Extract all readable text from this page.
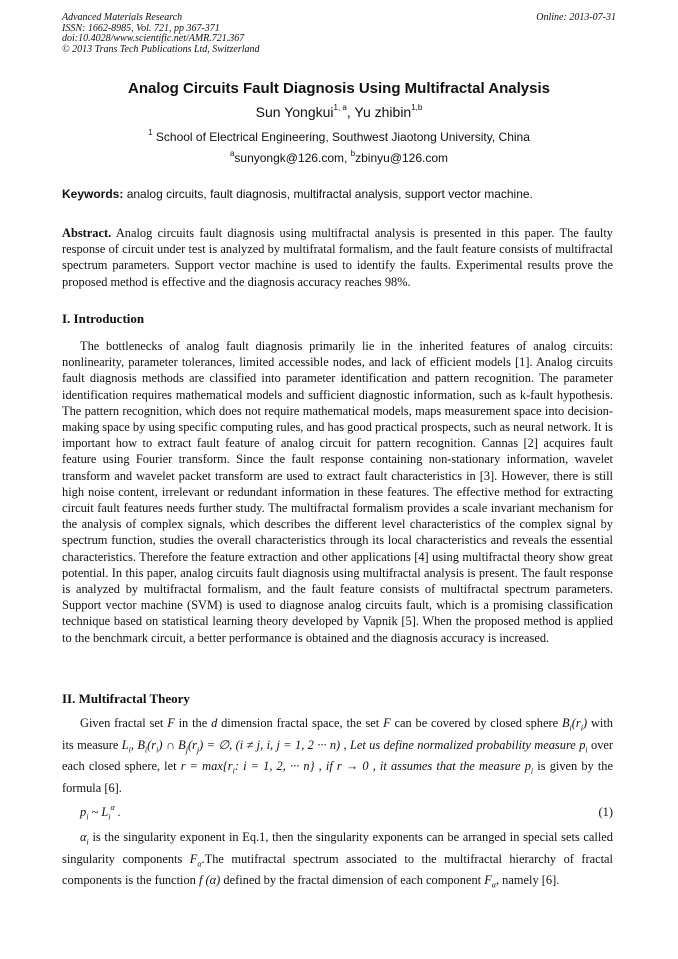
Advanced Materials Research
ISSN: 1662-8985, Vol. 721, pp 367-371
doi:10.4028/www.scientific.net/AMR.721.367
© 2013 Trans Tech Publications Ltd, Switzerland
Online: 2013-07-31
Analog Circuits Fault Diagnosis Using Multifractal Analysis
Sun Yongkui$^{1, a}$, Yu zhibin$^{1,b}$
$^1$ School of Electrical Engineering, Southwest Jiaotong University, China
$^a$sunyongk@126.com, $^b$zbinyu@126.com
Keywords: analog circuits, fault diagnosis, multifractal analysis, support vector machine.
Abstract. Analog circuits fault diagnosis using multifractal analysis is presented in this paper. The faulty response of circuit under test is analyzed by multifratal formalism, and the fault feature consists of multifractal spectrum parameters. Support vector machine is used to identify the faults. Experimental results prove the proposed method is effective and the diagnosis accuracy reaches 98%.
I. Introduction
The bottlenecks of analog fault diagnosis primarily lie in the inherited features of analog circuits: nonlinearity, parameter tolerances, limited accessible nodes, and lack of efficient models [1]. Analog circuits fault diagnosis methods are classified into parameter identification and pattern recognition. The parameter identification requires mathematical models and sufficient diagnostic information, such as k-fault hypothesis. The pattern recognition, which does not require mathematical models, maps measurement space into decision-making space by using specific computing rules, and has good practical prospects, such as neural network. It is important how to extract fault feature of analog circuit for pattern recognition. Cannas [2] acquires fault feature using Fourier transform. Since the fault response containing non-stationary information, wavelet transform and wavelet packet transform are used to extract fault characteristics in [3]. However, there is still high noise content, irrelevant or redundant information in these features. The effective method for extracting circuit fault features needs further study. The multifractal formalism provides a scale invariant mechanism for the analysis of complex signals, which describes the different level characteristics of the complex signal by spectrum function, studies the overall characteristics through its local characteristics and reveals the essential characteristics. Therefore the feature extraction and other applications [4] using multifractal theory show great potential. In this paper, analog circuits fault diagnosis using multifractal analysis is present. The fault response is analyzed by multifractal formalism, and the fault feature consists of multifractal spectrum parameters. Support vector machine (SVM) is used to diagnose analog circuits fault, which is a promising classification technique based on statistical learning theory developed by Vapnik [5]. When the proposed method is applied to the benchmark circuit, a better performance is obtained and the diagnosis accuracy is increased.
II. Multifractal Theory
Given fractal set F in the d dimension fractal space, the set F can be covered by closed sphere $B_i(r_i)$ with its measure $L_i$, $B_i(r_i)$ ∩ $B_j(r_j)$ = ∅, (i ≠ j, i, j = 1, 2 ··· n) , Let us define normalized probability measure $p_i$ over each closed sphere, let $r = \max\{r_i$: i = 1, 2, ··· n} , if r → 0 , it assumes that the measure $p_i$ is given by the formula [6].
$p_i$ ~ $L_i^\alpha$ .	(1)
$\alpha_i$ is the singularity exponent in Eq.1, then the singularity exponents can be arranged in special sets called singularity components $F_\alpha.The$ mutifractal spectrum associated to the multifractal hierarchy of fractal components is the function f (α) defined by the fractal dimension of each component $F_\alpha$, namely [6].
